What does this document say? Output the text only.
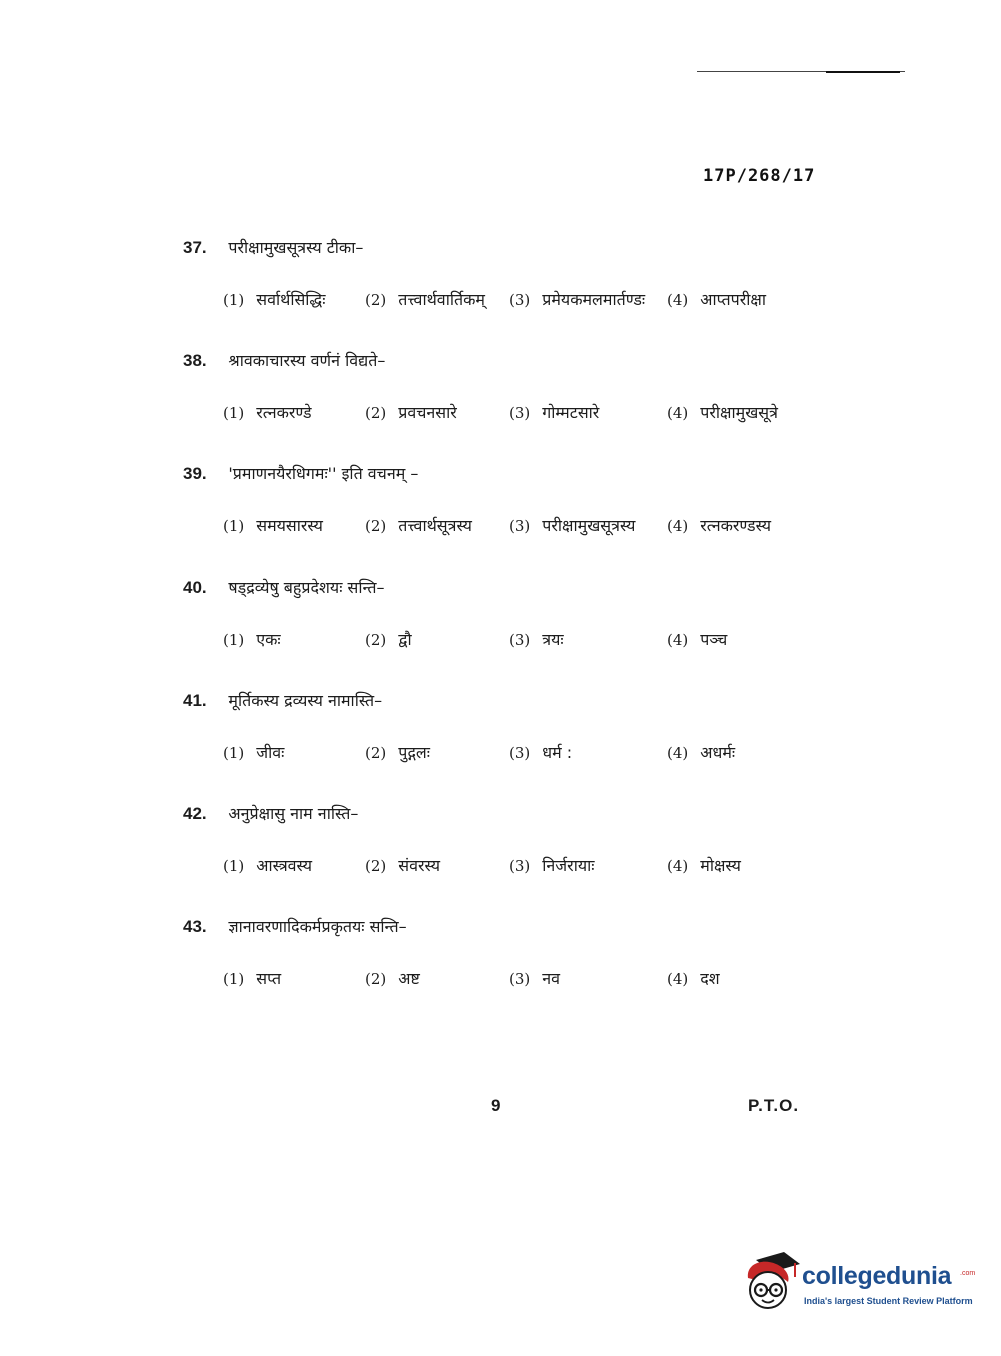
17P/268/17
37. परीक्षामुखसूत्रस्य टीका–
(1) सर्वार्थसिद्धिः	(2) तत्त्वार्थवार्तिकम् (3) प्रमेयकमलमार्तण्डः (4) आप्तपरीक्षा
38. श्रावकाचारस्य वर्णनं विद्यते–
(1) रत्नकरण्डे	(2) प्रवचनसारे	(3) गोम्मटसारे	(4) परीक्षामुखसूत्रे
39. 'प्रमाणनयैरधिगमः'' इति वचनम् –
(1) समयसारस्य	(2) तत्त्वार्थसूत्रस्य (3) परीक्षामुखसूत्रस्य (4) रत्नकरण्डस्य
40. षड्द्रव्येषु बहुप्रदेशयः सन्ति–
(1) एकः	(2) द्वौ	(3) त्रयः	(4) पञ्च
41. मूर्तिकस्य द्रव्यस्य नामास्ति–
(1) जीवः	(2) पुद्गलः	(3) धर्म :	(4) अधर्मः
42. अनुप्रेक्षासु नाम नास्ति–
(1) आस्त्रवस्य	(2) संवरस्य	(3) निर्जरायाः	(4) मोक्षस्य
43. ज्ञानावरणादिकर्मप्रकृतयः सन्ति–
(1) सप्त	(2) अष्ट	(3) नव	(4) दश
9	P.T.O.
collegedunia .com
India's largest Student Review Platform
